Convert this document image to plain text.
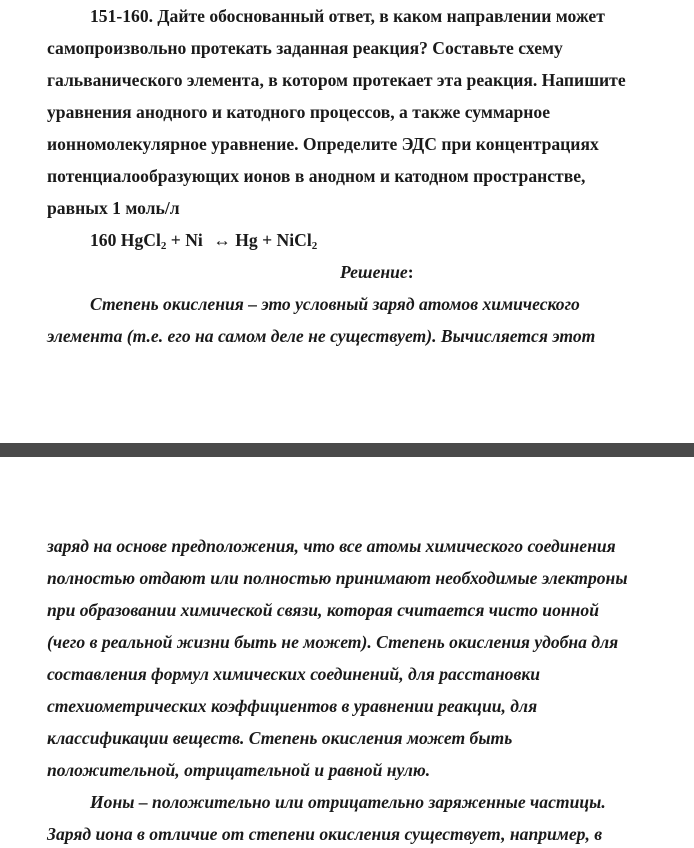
151-160. Дайте обоснованный ответ, в каком направлении может
самопроизвольно протекать заданная реакция? Составьте схему
гальванического элемента, в котором протекает эта реакция. Напишите
уравнения анодного и катодного процессов, а также суммарное
ионномолекулярное уравнение. Определите ЭДС при концентрациях
потенциалообразующих ионов в анодном и катодном пространстве,
равных 1 моль/л
160 HgCl$_2$ + Ni ↔ Hg + NiCl$_2$
Решение:
Степень окисления – это условный заряд атомов химического
элемента (т.е. его на самом деле не существует). Вычисляется этот
заряд на основе предположения, что все атомы химического соединения
полностью отдают или полностью принимают необходимые электроны
при образовании химической связи, которая считается чисто ионной
(чего в реальной жизни быть не может). Степень окисления удобна для
составления формул химических соединений, для расстановки
стехиометрических коэффициентов в уравнении реакции, для
классификации веществ. Степень окисления может быть
положительной, отрицательной и равной нулю.
Ионы – положительно или отрицательно заряженные частицы.
Заряд иона в отличие от степени окисления существует, например, в
